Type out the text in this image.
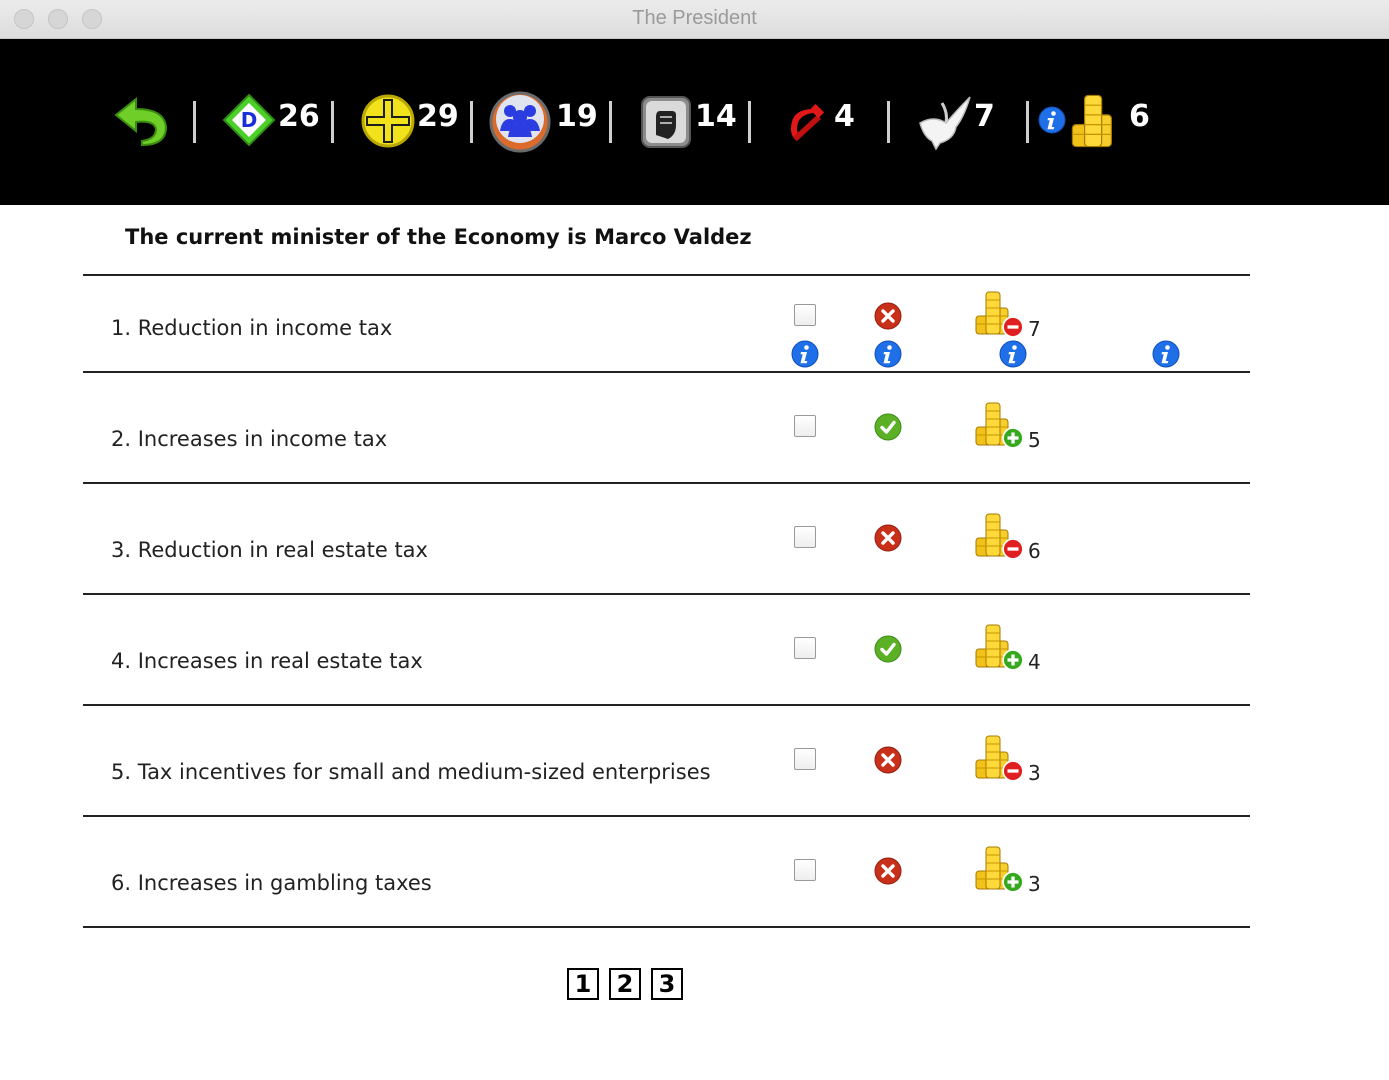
The President
D 26	29	19	14	4	7	6
The current minister of the Economy is Marco Valdez
1. Reduction in income tax	7
2. Increases in income tax	5
3. Reduction in real estate tax	6
4. Increases in real estate tax	4
5. Tax incentives for small and medium-sized enterprises	3
6. Increases in gambling taxes	3
1	2	3
